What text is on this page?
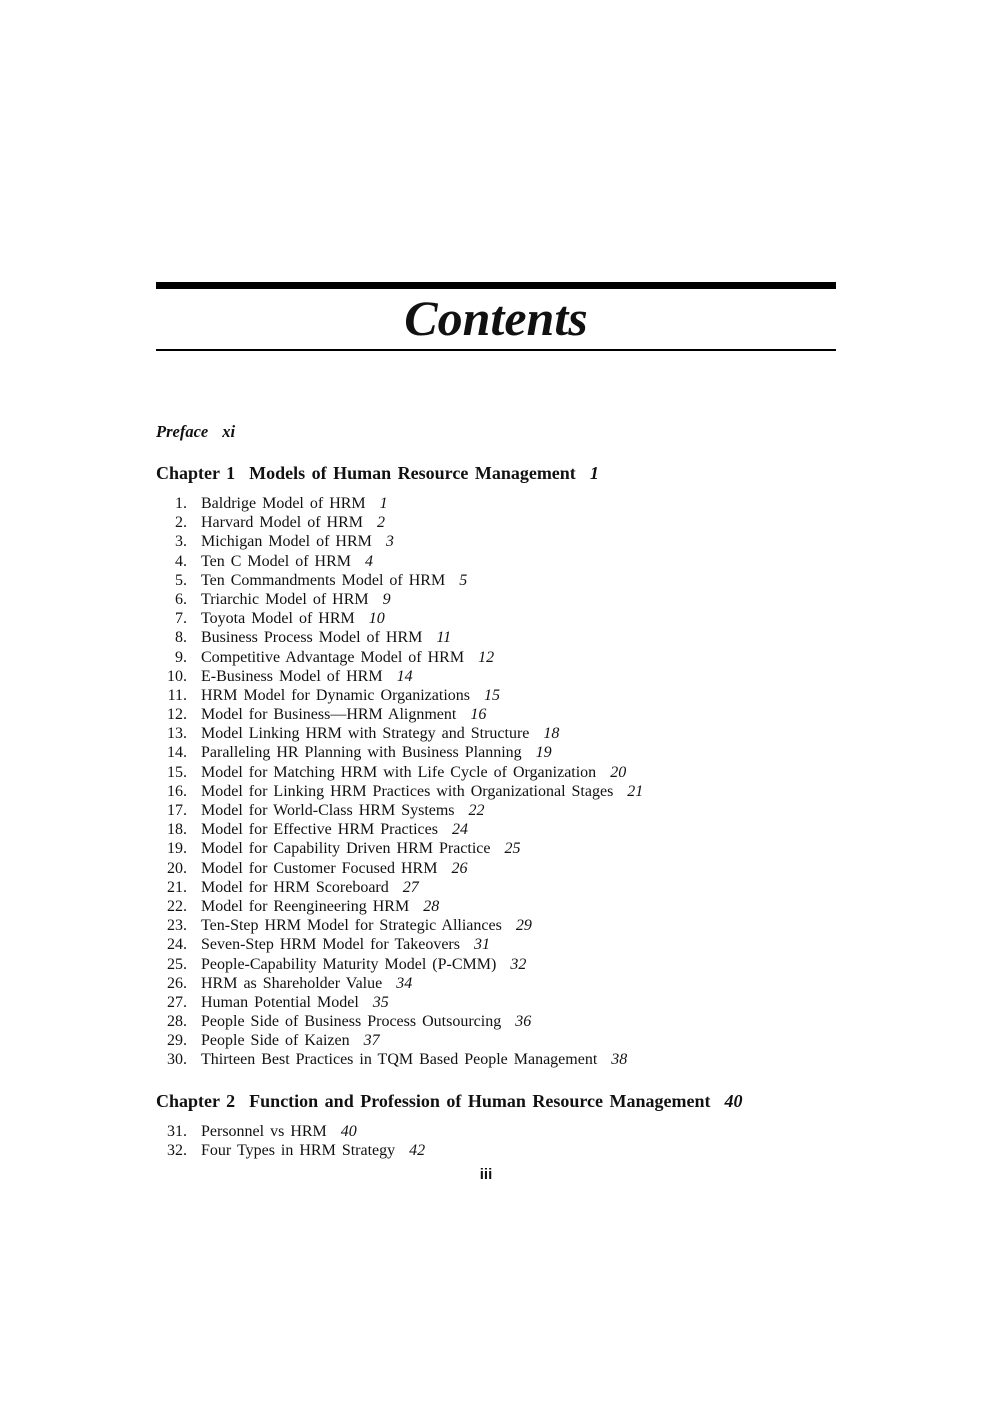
Contents
Preface xi
Chapter 1 Models of Human Resource Management 1
1. Baldrige Model of HRM 1
2. Harvard Model of HRM 2
3. Michigan Model of HRM 3
4. Ten C Model of HRM 4
5. Ten Commandments Model of HRM 5
6. Triarchic Model of HRM 9
7. Toyota Model of HRM 10
8. Business Process Model of HRM 11
9. Competitive Advantage Model of HRM 12
10. E-Business Model of HRM 14
11. HRM Model for Dynamic Organizations 15
12. Model for Business—HRM Alignment 16
13. Model Linking HRM with Strategy and Structure 18
14. Paralleling HR Planning with Business Planning 19
15. Model for Matching HRM with Life Cycle of Organization 20
16. Model for Linking HRM Practices with Organizational Stages 21
17. Model for World-Class HRM Systems 22
18. Model for Effective HRM Practices 24
19. Model for Capability Driven HRM Practice 25
20. Model for Customer Focused HRM 26
21. Model for HRM Scoreboard 27
22. Model for Reengineering HRM 28
23. Ten-Step HRM Model for Strategic Alliances 29
24. Seven-Step HRM Model for Takeovers 31
25. People-Capability Maturity Model (P-CMM) 32
26. HRM as Shareholder Value 34
27. Human Potential Model 35
28. People Side of Business Process Outsourcing 36
29. People Side of Kaizen 37
30. Thirteen Best Practices in TQM Based People Management 38
Chapter 2 Function and Profession of Human Resource Management 40
31. Personnel vs HRM 40
32. Four Types in HRM Strategy 42
iii
